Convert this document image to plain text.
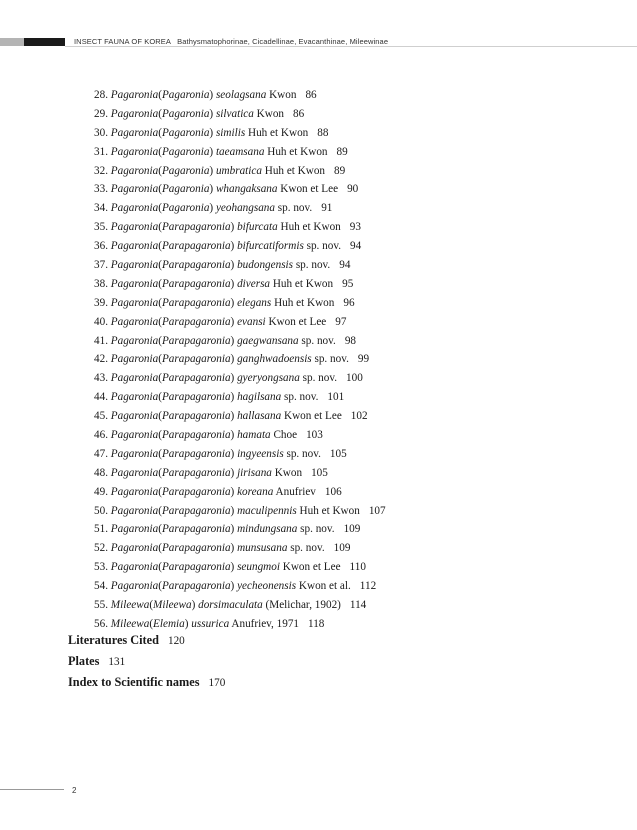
INSECT FAUNA OF KOREA Bathysmatophorinae, Cicadellinae, Evacanthinae, Mileewinae
28. Pagaronia(Pagaronia) seolagsana Kwon 86
29. Pagaronia(Pagaronia) silvatica Kwon 86
30. Pagaronia(Pagaronia) similis Huh et Kwon 88
31. Pagaronia(Pagaronia) taeamsana Huh et Kwon 89
32. Pagaronia(Pagaronia) umbratica Huh et Kwon 89
33. Pagaronia(Pagaronia) whangaksana Kwon et Lee 90
34. Pagaronia(Pagaronia) yeohangsana sp. nov. 91
35. Pagaronia(Parapagaronia) bifurcata Huh et Kwon 93
36. Pagaronia(Parapagaronia) bifurcatiformis sp. nov. 94
37. Pagaronia(Parapagaronia) budongensis sp. nov. 94
38. Pagaronia(Parapagaronia) diversa Huh et Kwon 95
39. Pagaronia(Parapagaronia) elegans Huh et Kwon 96
40. Pagaronia(Parapagaronia) evansi Kwon et Lee 97
41. Pagaronia(Parapagaronia) gaegwansana sp. nov. 98
42. Pagaronia(Parapagaronia) ganghwadoensis sp. nov. 99
43. Pagaronia(Parapagaronia) gyeryongsana sp. nov. 100
44. Pagaronia(Parapagaronia) hagilsana sp. nov. 101
45. Pagaronia(Parapagaronia) hallasana Kwon et Lee 102
46. Pagaronia(Parapagaronia) hamata Choe 103
47. Pagaronia(Parapagaronia) ingyeensis sp. nov. 105
48. Pagaronia(Parapagaronia) jirisana Kwon 105
49. Pagaronia(Parapagaronia) koreana Anufriev 106
50. Pagaronia(Parapagaronia) maculipennis Huh et Kwon 107
51. Pagaronia(Parapagaronia) mindungsana sp. nov. 109
52. Pagaronia(Parapagaronia) munsusana sp. nov. 109
53. Pagaronia(Parapagaronia) seungmoi Kwon et Lee 110
54. Pagaronia(Parapagaronia) yecheonensis Kwon et al. 112
55. Mileewa(Mileewa) dorsimaculata (Melichar, 1902) 114
56. Mileewa(Elemia) ussurica Anufriev, 1971 118
Literatures Cited 120
Plates 131
Index to Scientific names 170
2
